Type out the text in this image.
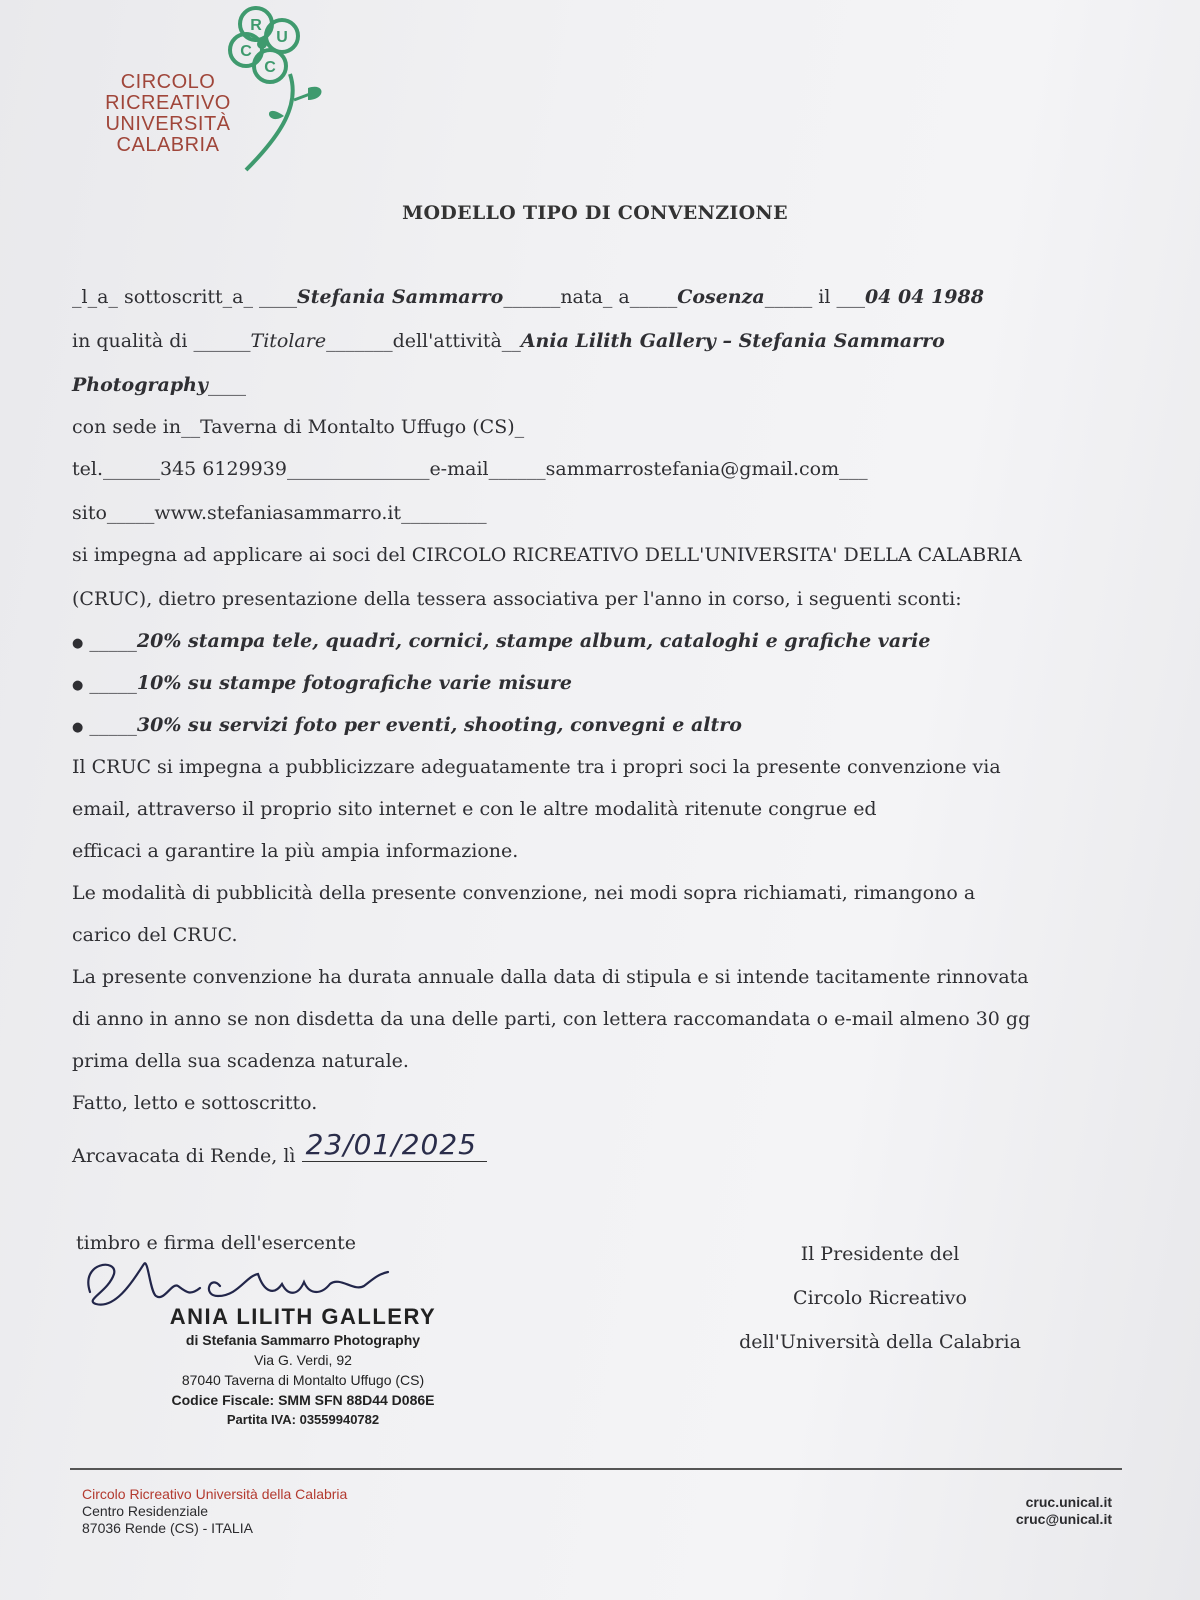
CIRCOLO
RICREATIVO
UNIVERSITÀ
CALABRIA
R
U
C
C
MODELLO TIPO DI CONVENZIONE
_l_a_ sottoscritt_a_ ____Stefania Sammarro______nata_ a_____Cosenza_____ il ___04 04 1988
in qualità di ______Titolare_______dell'attività__Ania Lilith Gallery – Stefania Sammarro
Photography____
con sede in__Taverna di Montalto Uffugo (CS)_
tel.______345 6129939_______________e-mail______sammarrostefania@gmail.com___
sito_____www.stefaniasammarro.it_________
si impegna ad applicare ai soci del CIRCOLO RICREATIVO DELL'UNIVERSITA' DELLA CALABRIA
(CRUC), dietro presentazione della tessera associativa per l'anno in corso, i seguenti sconti:
● _____20% stampa tele, quadri, cornici, stampe album, cataloghi e grafiche varie
● _____10% su stampe fotografiche varie misure
● _____30% su servizi foto per eventi, shooting, convegni e altro
Il CRUC si impegna a pubblicizzare adeguatamente tra i propri soci la presente convenzione via
email, attraverso il proprio sito internet e con le altre modalità ritenute congrue ed
efficaci a garantire la più ampia informazione.
Le modalità di pubblicità della presente convenzione, nei modi sopra richiamati, rimangono a
carico del CRUC.
La presente convenzione ha durata annuale dalla data di stipula e si intende tacitamente rinnovata
di anno in anno se non disdetta da una delle parti, con lettera raccomandata o e-mail almeno 30 gg
prima della sua scadenza naturale.
Fatto, letto e sottoscritto.
Arcavacata di Rende, lì 23/01/2025
timbro e firma dell'esercente
ANIA LILITH GALLERY
di Stefania Sammarro Photography
Via G. Verdi, 92
87040 Taverna di Montalto Uffugo (CS)
Codice Fiscale: SMM SFN 88D44 D086E
Partita IVA: 03559940782
Il Presidente del
Circolo Ricreativo
dell'Università della Calabria
Circolo Ricreativo Università della Calabria
Centro Residenziale
87036 Rende (CS) - ITALIA
cruc.unical.it
cruc@unical.it
